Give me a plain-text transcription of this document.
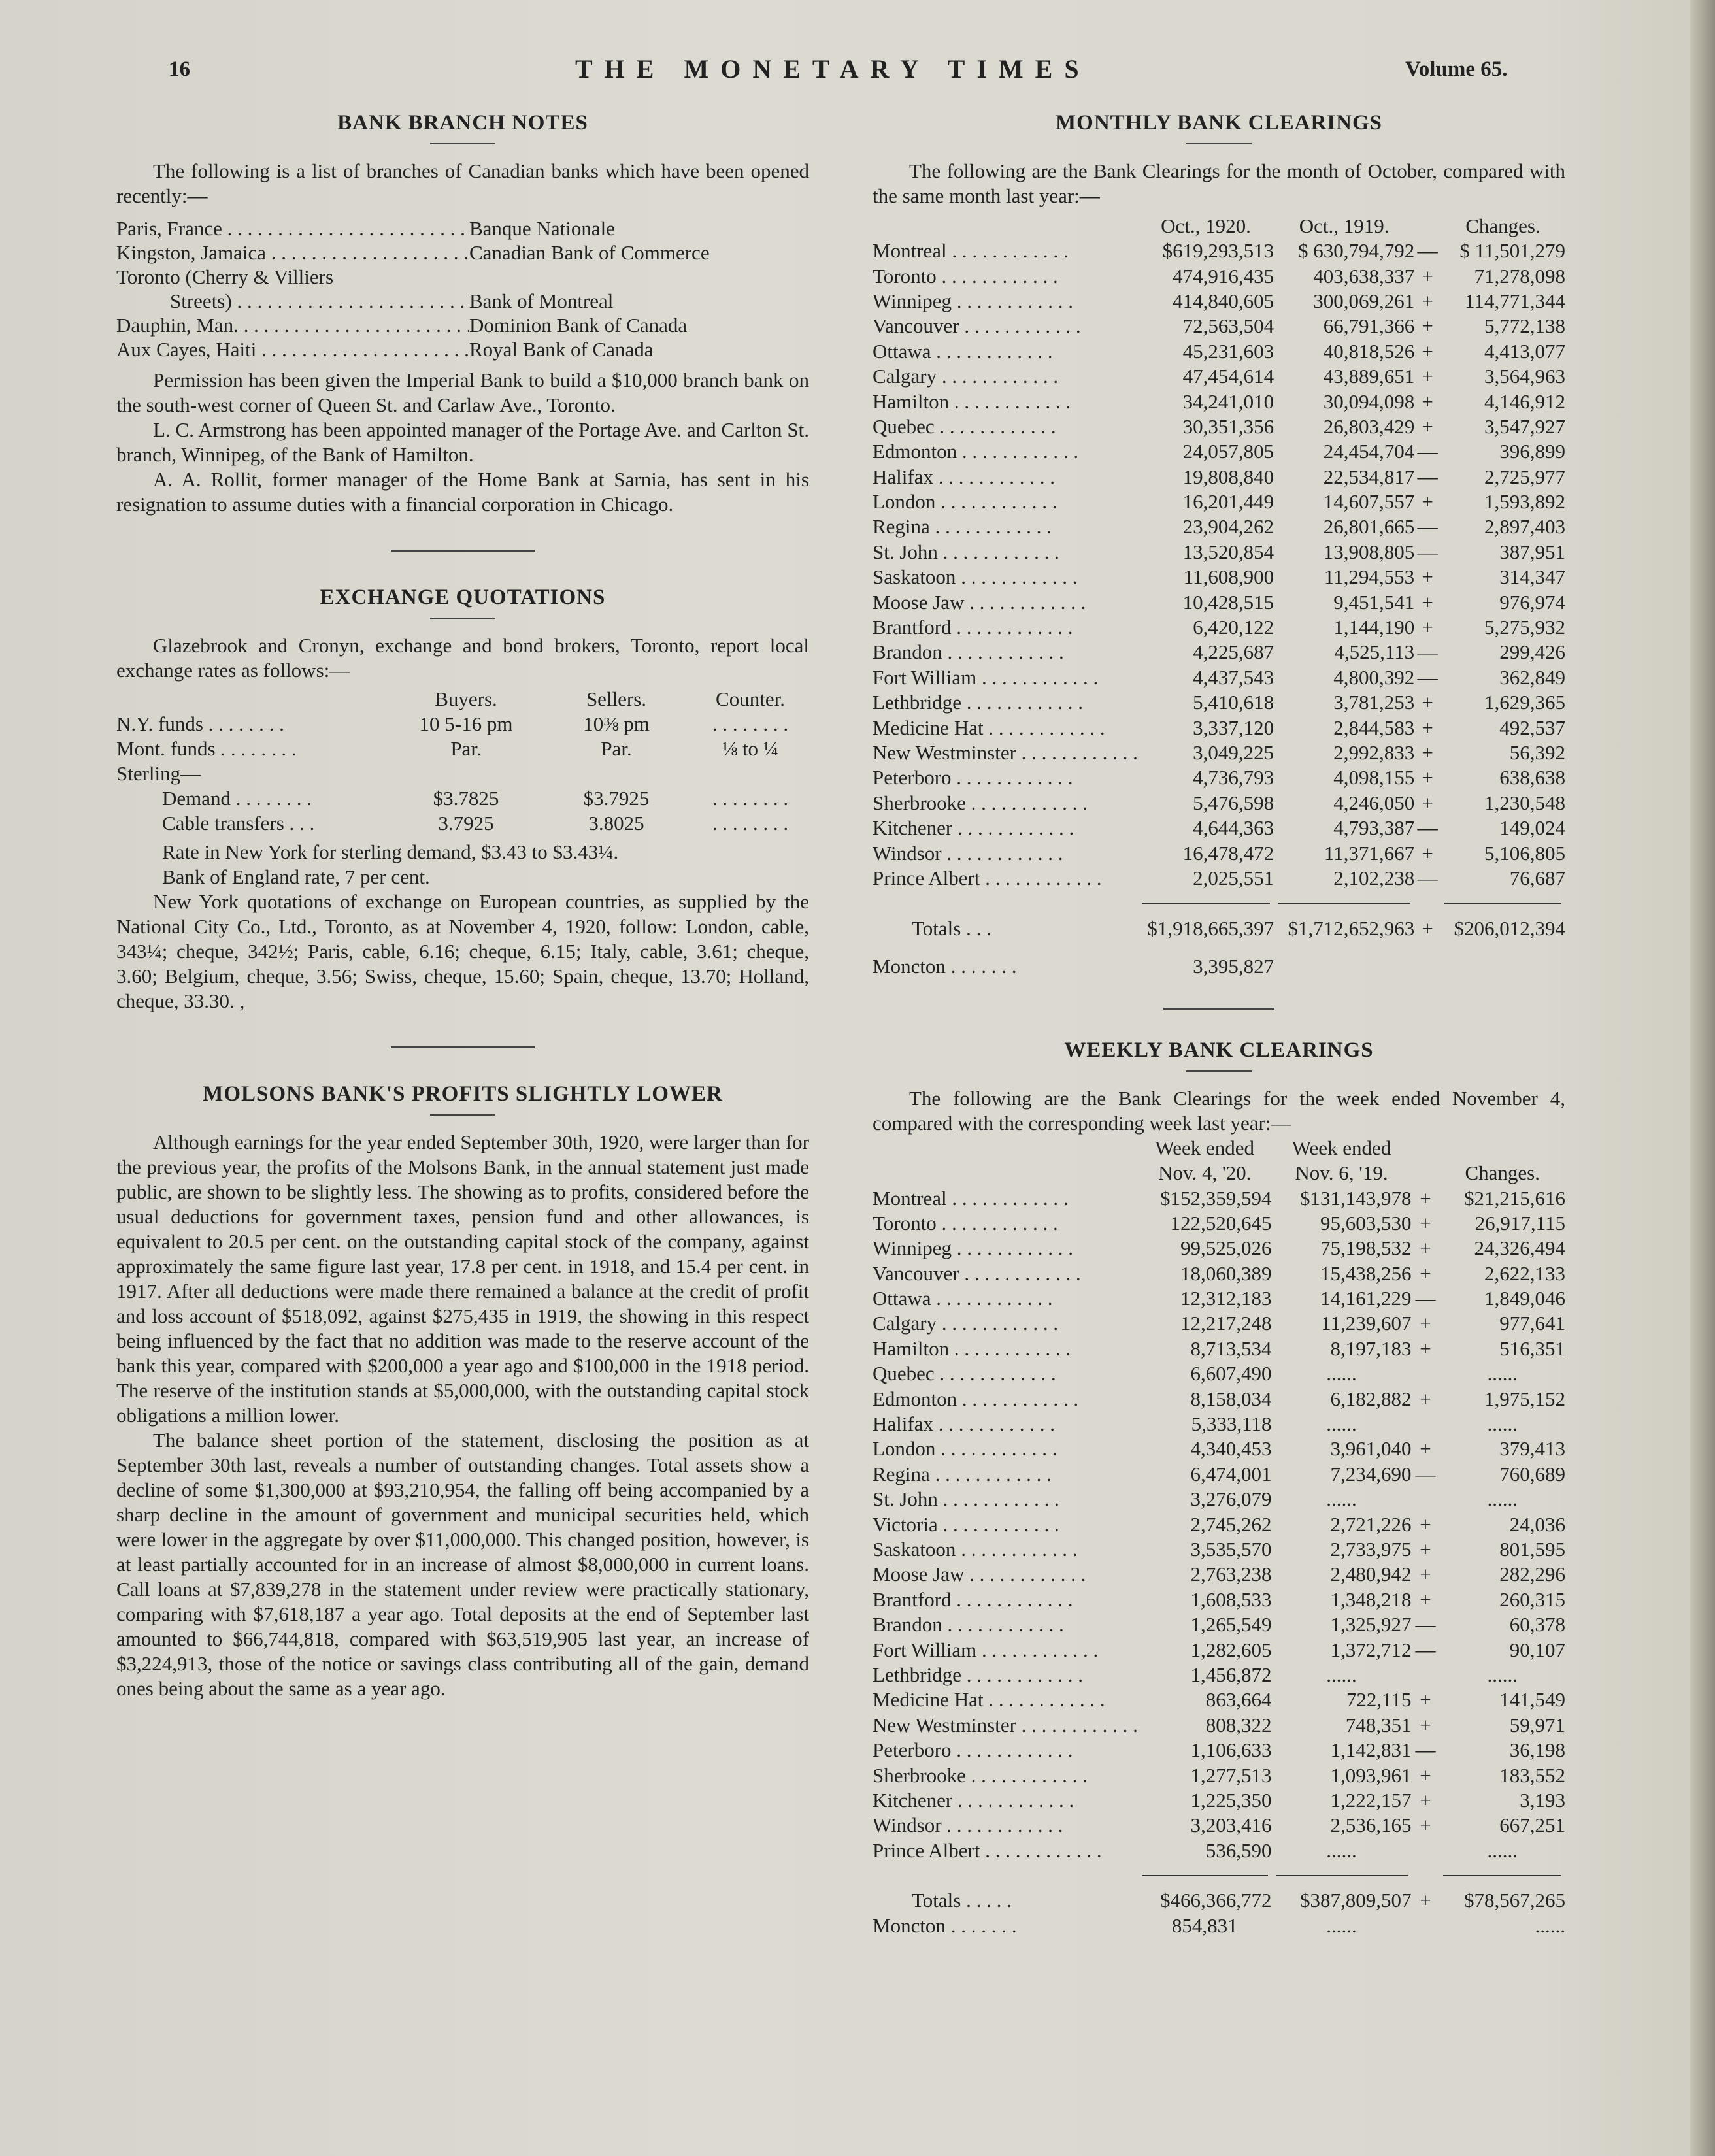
16	THE MONETARY TIMES	Volume 65.
BANK BRANCH NOTES

The following is a list of branches of Canadian banks which have been opened recently:—

Paris, France . . .	Banque Nationale
Kingston, Jamaica . . .	Canadian Bank of Commerce
Toronto (Cherry & Villiers
Streets) . . .	Bank of Montreal
Dauphin, Man. . . .	Dominion Bank of Canada
Aux Cayes, Haiti . . .	Royal Bank of Canada

Permission has been given the Imperial Bank to build a $10,000 branch bank on the south-west corner of Queen St. and Carlaw Ave., Toronto.

L. C. Armstrong has been appointed manager of the Portage Ave. and Carlton St. branch, Winnipeg, of the Bank of Hamilton.

A. A. Rollit, former manager of the Home Bank at Sarnia, has sent in his resignation to assume duties with a financial corporation in Chicago.

EXCHANGE QUOTATIONS

Glazebrook and Cronyn, exchange and bond brokers, Toronto, report local exchange rates as follows:—

	Buyers.	Sellers.	Counter.
N.Y. funds . . .	10 5-16 pm	10⅜ pm	. . .
Mont. funds . . .	Par.	Par.	⅛ to ¼
Sterling—			
Demand . . .	$3.7825	$3.7925	. . .
Cable transfers . . .	3.7925	3.8025	. . .

Rate in New York for sterling demand, $3.43 to $3.43¼.

Bank of England rate, 7 per cent.

New York quotations of exchange on European countries, as supplied by the National City Co., Ltd., Toronto, as at November 4, 1920, follow: London, cable, 343¼; cheque, 342½; Paris, cable, 6.16; cheque, 6.15; Italy, cable, 3.61; cheque, 3.60; Belgium, cheque, 3.56; Swiss, cheque, 15.60; Spain, cheque, 13.70; Holland, cheque, 33.30. ,

MOLSONS BANK'S PROFITS SLIGHTLY LOWER

Although earnings for the year ended September 30th, 1920, were larger than for the previous year, the profits of the Molsons Bank, in the annual statement just made public, are shown to be slightly less. The showing as to profits, considered before the usual deductions for government taxes, pension fund and other allowances, is equivalent to 20.5 per cent. on the outstanding capital stock of the company, against approximately the same figure last year, 17.8 per cent. in 1918, and 15.4 per cent. in 1917. After all deductions were made there remained a balance at the credit of profit and loss account of $518,092, against $275,435 in 1919, the showing in this respect being influenced by the fact that no addition was made to the reserve account of the bank this year, compared with $200,000 a year ago and $100,000 in the 1918 period. The reserve of the institution stands at $5,000,000, with the outstanding capital stock obligations a million lower.

The balance sheet portion of the statement, disclosing the position as at September 30th last, reveals a number of outstanding changes. Total assets show a decline of some $1,300,000 at $93,210,954, the falling off being accompanied by a sharp decline in the amount of government and municipal securities held, which were lower in the aggregate by over $11,000,000. This changed position, however, is at least partially accounted for in an increase of almost $8,000,000 in current loans. Call loans at $7,839,278 in the statement under review were practically stationary, comparing with $7,618,187 a year ago. Total deposits at the end of September last amounted to $66,744,818, compared with $63,519,905 last year, an increase of $3,224,913, those of the notice or savings class contributing all of the gain, demand ones being about the same as a year ago.

MONTHLY BANK CLEARINGS

The following are the Bank Clearings for the month of October, compared with the same month last year:—

	Oct., 1920.	Oct., 1919.		Changes.
Montreal . . .	$619,293,513	$ 630,794,792	—	$ 11,501,279
Toronto . . .	474,916,435	403,638,337	+	71,278,098
Winnipeg . . .	414,840,605	300,069,261	+	114,771,344
Vancouver . . .	72,563,504	66,791,366	+	5,772,138
Ottawa . . .	45,231,603	40,818,526	+	4,413,077
Calgary . . .	47,454,614	43,889,651	+	3,564,963
Hamilton . . .	34,241,010	30,094,098	+	4,146,912
Quebec . . .	30,351,356	26,803,429	+	3,547,927
Edmonton . . .	24,057,805	24,454,704	—	396,899
Halifax . . .	19,808,840	22,534,817	—	2,725,977
London . . .	16,201,449	14,607,557	+	1,593,892
Regina . . .	23,904,262	26,801,665	—	2,897,403
St. John . . .	13,520,854	13,908,805	—	387,951
Saskatoon . . .	11,608,900	11,294,553	+	314,347
Moose Jaw . . .	10,428,515	9,451,541	+	976,974
Brantford . . .	6,420,122	1,144,190	+	5,275,932
Brandon . . .	4,225,687	4,525,113	—	299,426
Fort William . . .	4,437,543	4,800,392	—	362,849
Lethbridge . . .	5,410,618	3,781,253	+	1,629,365
Medicine Hat . . .	3,337,120	2,844,583	+	492,537
New Westminster . . .	3,049,225	2,992,833	+	56,392
Peterboro . . .	4,736,793	4,098,155	+	638,638
Sherbrooke . . .	5,476,598	4,246,050	+	1,230,548
Kitchener . . .	4,644,363	4,793,387	—	149,024
Windsor . . .	16,478,472	11,371,667	+	5,106,805
Prince Albert . . .	2,025,551	2,102,238	—	76,687

Totals . . .	$1,918,665,397	$1,712,652,963	+	$206,012,394

Moncton . . . . . . .	3,395,827			
WEEKLY BANK CLEARINGS

The following are the Bank Clearings for the week ended November 4, compared with the corresponding week last year:—

	Week ended	Week ended		
	Nov. 4, '20.	Nov. 6, '19.		Changes.
Montreal . . .	$152,359,594	$131,143,978	+	$21,215,616
Toronto . . .	122,520,645	95,603,530	+	26,917,115
Winnipeg . . .	99,525,026	75,198,532	+	24,326,494
Vancouver . . .	18,060,389	15,438,256	+	2,622,133
Ottawa . . .	12,312,183	14,161,229	—	1,849,046
Calgary . . .	12,217,248	11,239,607	+	977,641
Hamilton . . .	8,713,534	8,197,183	+	516,351
Quebec . . .	6,607,490	......		......
Edmonton . . .	8,158,034	6,182,882	+	1,975,152
Halifax . . .	5,333,118	......		......
London . . .	4,340,453	3,961,040	+	379,413
Regina . . .	6,474,001	7,234,690	—	760,689
St. John . . .	3,276,079	......		......
Victoria . . .	2,745,262	2,721,226	+	24,036
Saskatoon . . .	3,535,570	2,733,975	+	801,595
Moose Jaw . . .	2,763,238	2,480,942	+	282,296
Brantford . . .	1,608,533	1,348,218	+	260,315
Brandon . . .	1,265,549	1,325,927	—	60,378
Fort William . . .	1,282,605	1,372,712	—	90,107
Lethbridge . . .	1,456,872	......		......
Medicine Hat . . .	863,664	722,115	+	141,549
New Westminster . . .	808,322	748,351	+	59,971
Peterboro . . .	1,106,633	1,142,831	—	36,198
Sherbrooke . . .	1,277,513	1,093,961	+	183,552
Kitchener . . .	1,225,350	1,222,157	+	3,193
Windsor . . .	3,203,416	2,536,165	+	667,251
Prince Albert . . .	536,590	......		......

Totals . . . . .	$466,366,772	$387,809,507	+	$78,567,265
Moncton . . . . . . .	854,831	......		......
